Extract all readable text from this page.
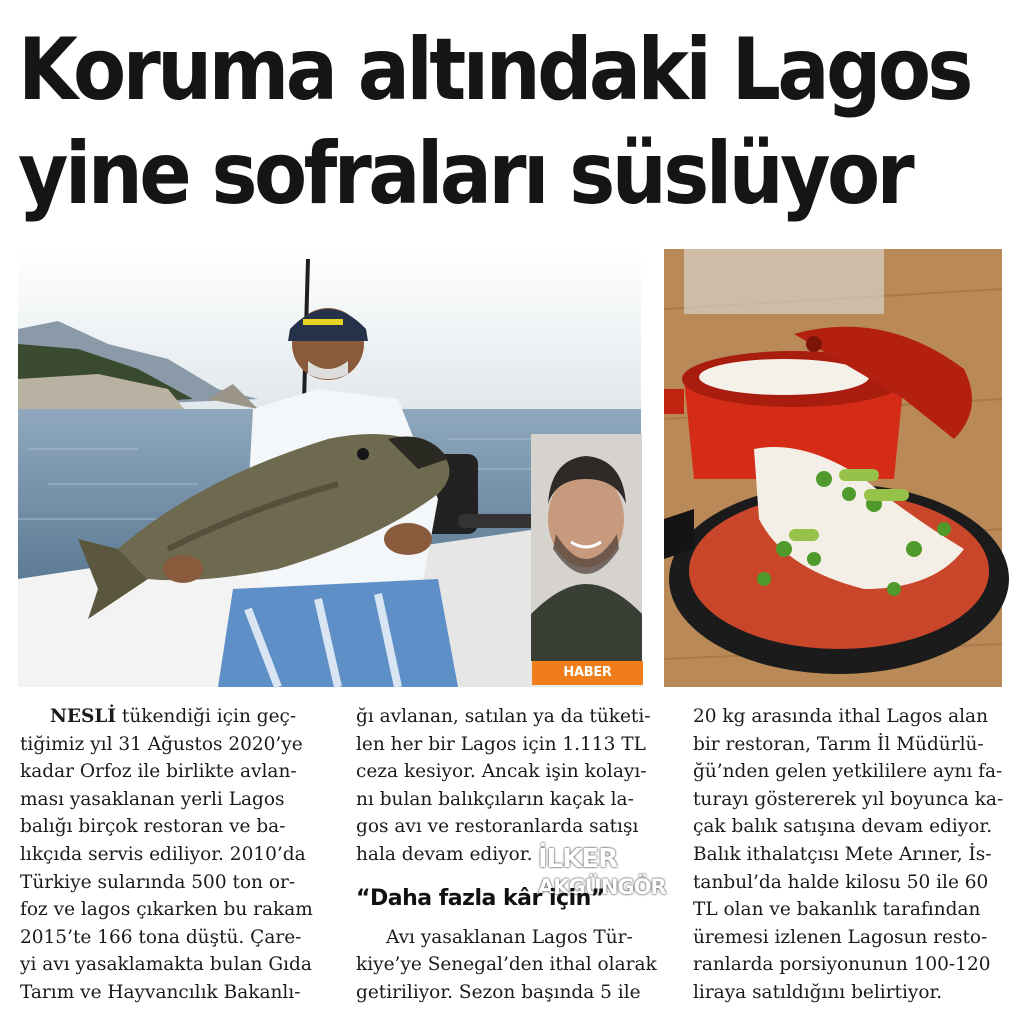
Koruma altındaki Lagos
yine sofraları süslüyor
İLKER
AKGÜNGÖR
HABER MERKEZİ

NESLİ tükendiği için geç-

tiğimiz yıl 31 Ağustos 2020’ye

kadar Orfoz ile birlikte avlan-

ması yasaklanan yerli Lagos

balığı birçok restoran ve ba-

lıkçıda servis ediliyor. 2010’da

Türkiye sularında 500 ton or-

foz ve lagos çıkarken bu rakam

2015’te 166 tona düştü. Çare-

yi avı yasaklamakta bulan Gıda

Tarım ve Hayvancılık Bakanlı-

ğı avlanan, satılan ya da tüketi-

len her bir Lagos için 1.113 TL

ceza kesiyor. Ancak işin kolayı-

nı bulan balıkçıların kaçak la-

gos avı ve restoranlarda satışı

hala devam ediyor.

“Daha fazla kâr için”

Avı yasaklanan Lagos Tür-

kiye’ye Senegal’den ithal olarak

getiriliyor. Sezon başında 5 ile

20 kg arasında ithal Lagos alan

bir restoran, Tarım İl Müdürlü-

ğü’nden gelen yetkililere aynı fa-

turayı göstererek yıl boyunca ka-

çak balık satışına devam ediyor.

Balık ithalatçısı Mete Arıner, İs-

tanbul’da halde kilosu 50 ile 60

TL olan ve bakanlık tarafından

üremesi izlenen Lagosun resto-

ranlarda porsiyonunun 100-120

liraya satıldığını belirtiyor.
